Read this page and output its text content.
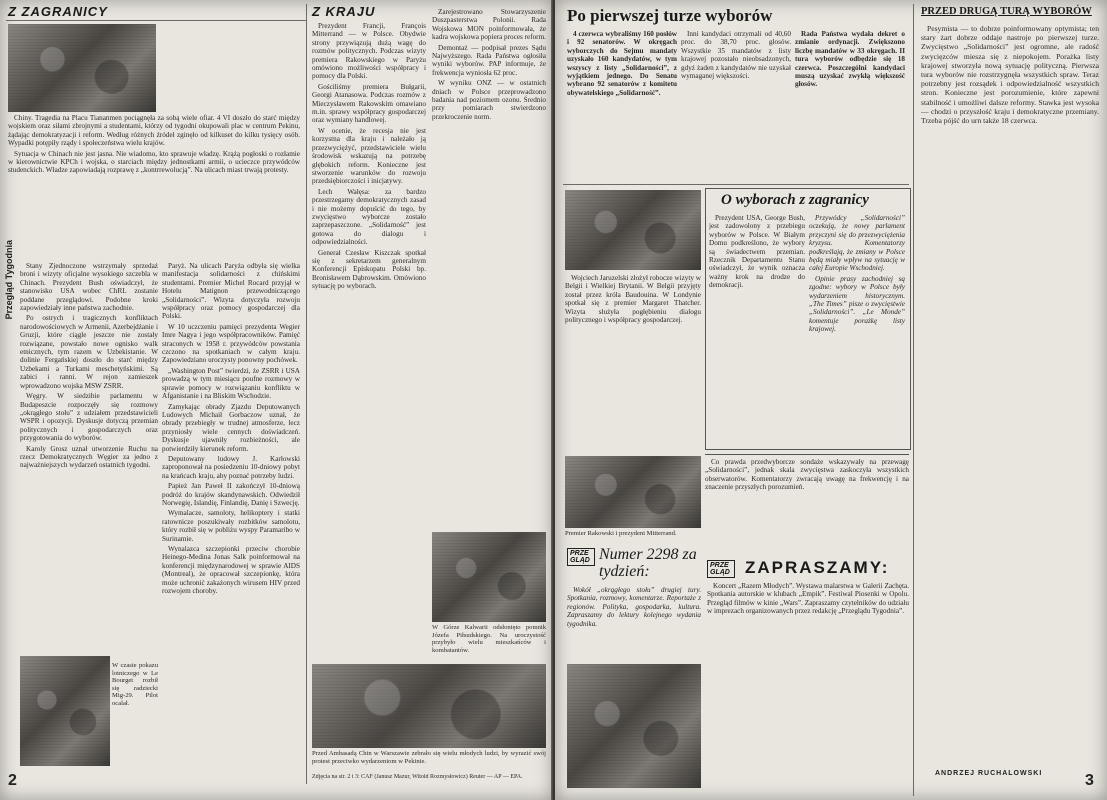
Z ZAGRANICY

Chiny. Tragedia na Placu Tiananmen pociągnęła za sobą wiele ofiar. 4 VI doszło do starć między wojskiem oraz siłami zbrojnymi a studentami, którzy od tygodni okupowali plac w centrum Pekinu, żądając demokratyzacji i reform. Według różnych źródeł zginęło od kilkuset do kilku tysięcy osób. Wypadki potępiły rządy i społeczeństwa wielu krajów.

Sytuacja w Chinach nie jest jasna. Nie wiadomo, kto sprawuje władzę. Krążą pogłoski o rozłamie w kierownictwie KPCh i wojska, o starciach między jednostkami armii, o ucieczce przywódców studenckich. Władze zapowiadają rozprawę z „kontrrewolucją”. Na ulicach miast trwają protesty.

Przegląd Tygodnia	Stany Zjednoczone wstrzymały sprzedaż broni i wizyty oficjalne wysokiego szczebla w Chinach. Prezydent Bush oświadczył, że stanowisko USA wobec ChRL zostanie poddane przeglądowi. Podobne kroki zapowiedziały inne państwa zachodnie.

Po ostrych i tragicznych konfliktach narodowościowych w Armenii, Azerbejdżanie i Gruzji, które ciągle jeszcze nie zostały rozwiązane, powstało nowe ognisko walk etnicznych, tym razem w Uzbekistanie. W dolinie Fergańskiej doszło do starć między Uzbekami a Turkami meschetyńskimi. Są zabici i ranni. W rejon zamieszek wprowadzono wojska MSW ZSRR.

Węgry. W siedzibie parlamentu w Budapeszcie rozpoczęły się rozmowy „okrągłego stołu” z udziałem przedstawicieli WSPR i opozycji. Dyskusje dotyczą przemian politycznych i gospodarczych oraz przygotowania do wyborów.

Karoly Grosz uznał utworzenie Ruchu na rzecz Demokratycznych Węgier za jedno z najważniejszych wydarzeń ostatnich tygodni.

Paryż. Na ulicach Paryża odbyła się wielka manifestacja solidarności z chińskimi studentami. Premier Michel Rocard przyjął w Hotelu Matignon przewodniczącego „Solidarności”. Wizyta dotyczyła rozwoju współpracy oraz pomocy gospodarczej dla Polski.

W 10 uczczeniu pamięci prezydenta Wegier Imre Nagya i jego współpracowników. Pamięć straconych w 1958 r. przywódców powstania czczono na spotkaniach w całym kraju. Zapowiedziano uroczysty ponowny pochówek.

„Washington Post” twierdzi, że ZSRR i USA prowadzą w tym miesiącu poufne rozmowy w sprawie pomocy w rozwiązaniu konfliktu w Afganistanie i na Bliskim Wschodzie.

Zamykając obrady Zjazdu Deputowanych Ludowych Michaił Gorbaczow uznał, że obrady przebiegły w trudnej atmosferze, lecz przyniosły wiele cennych doświadczeń. Dyskusje ujawniły rozbieżności, ale potwierdziły kierunek reform.

Deputowany ludowy J. Karłowski zaproponował na posiedzeniu 10-dniowy pobyt na krańcach kraju, aby poznać potrzeby ludzi.

Papież Jan Paweł II zakończył 10-dniową podróż do krajów skandynawskich. Odwiedził Norwegię, Islandię, Finlandię, Danię i Szwecję.

Wymalacze, samoloty, helikoptery i statki ratownicze poszukiwały rozbitków samolotu, który rozbił się w pobliżu wyspy Paramaribo w Surinamie.

Wynalazca szczepionki przeciw chorobie Heinego-Medina Jonas Salk poinformował na konferencji międzynarodowej w sprawie AIDS (Montreal), że opracował szczepionkę, która może uchronić zakażonych wirusem HIV przed rozwojem choroby.

W czasie pokazu lotniczego w Le Bourget rozbił się radziecki Mig-29. Pilot ocalał.
2
Z KRAJU

Prezydent Francji, François Mitterrand — w Polsce. Obydwie strony przywiązują dużą wagę do rozmów politycznych. Podczas wizyty premiera Rakowskiego w Paryżu omówiono możliwości współpracy i pomocy dla Polski.

Gościliśmy premiera Bułgarii, Georgi Atanasowa. Podczas rozmów z Mieczysławem Rakowskim omawiano m.in. sprawy współpracy gospodarczej oraz wymiany handlowej.

W ocenie, że recesja nie jest korzystna dla kraju i należało ją przezwyciężyć, przedstawiciele wielu środowisk wskazują na potrzebę głębokich reform. Konieczne jest stworzenie warunków do rozwoju przedsiębiorczości i inicjatywy.

Lech Wałęsa: za bardzo przestrzegamy demokratycznych zasad i nie możemy dopuścić do tego, by zwycięstwo wyborcze zostało zaprzepaszczone. „Solidarność” jest gotowa do dialogu i odpowiedzialności.

Generał Czesław Kiszczak spotkał się z sekretarzem generalnym Konferencji Episkopatu Polski bp. Bronisławem Dąbrowskim. Omówiono sytuację po wyborach.

Zarejestrowano Stowarzyszenie Duszpasterstwa Polonii. Rada Wojskowa MON poinformowała, że kadra wojskowa popiera proces reform.

Demontaż — podpisał prezes Sądu Najwyższego. Rada Państwa ogłosiła wyniki wyborów. PAP informuje, że frekwencja wyniosła 62 proc.

W wyniku ONZ — w ostatnich dniach w Polsce przeprowadzono badania nad poziomem ozonu. Średnio przy pomiarach stwierdzono przekroczenie norm.

W Górze Kalwarii odsłonięto pomnik Józefa Piłsudskiego. Na uroczystość przybyło wielu mieszkańców i kombatantów.
Przed Ambasadą Chin w Warszawie zebrało się wielu młodych ludzi, by wyrazić swój protest przeciwko wydarzeniom w Pekinie.
Zdjęcia na str. 2 i 3: CAF (Janusz Mazur, Witold Rozmysłowicz) Reuter — AP — EPA.
Po pierwszej turze wyborów

4 czerwca wybraliśmy 160 posłów i 92 senatorów. W okręgach wyborczych do Sejmu mandaty uzyskało 160 kandydatów, w tym wszyscy z listy „Solidarności”, z wyjątkiem jednego. Do Senatu wybrano 92 senatorów z komitetu obywatelskiego „Solidarność”.

Inni kandydaci otrzymali od 40,60 proc. do 38,70 proc. głosów. Wszystkie 35 mandatów z listy krajowej pozostało nieobsadzonych, gdyż żaden z kandydatów nie uzyskał wymaganej większości.

Rada Państwa wydała dekret o zmianie ordynacji. Zwiększono liczbę mandatów w 33 okręgach. II tura wyborów odbędzie się 18 czerwca. Poszczególni kandydaci muszą uzyskać zwykłą większość głosów.

Wojciech Jaruzelski złożył robocze wizyty w Belgii i Wielkiej Brytanii. W Belgii przyjęty został przez króla Baudouina. W Londynie spotkał się z premier Margaret Thatcher. Wizyta służyła pogłębieniu dialogu politycznego i współpracy gospodarczej.

O wyborach z zagranicy

Prezydent USA, George Bush, jest zadowolony z przebiegu wyborów w Polsce. W Białym Domu podkreślono, że wybory są świadectwem przemian. Rzecznik Departamentu Stanu oświadczył, że wynik oznacza ważny krok na drodze do demokracji.

Przywódcy „Solidarności” oczekują, że nowy parlament przyczyni się do przezwyciężenia kryzysu. Komentatorzy podkreślają, że zmiany w Polsce będą miały wpływ na sytuację w całej Europie Wschodniej.

Opinie prasy zachodniej są zgodne: wybory w Polsce były wydarzeniem historycznym. „The Times” pisze o zwycięstwie „Solidarności”. „Le Monde” komentuje porażkę listy krajowej.

Premier Rakowski i prezydent Mitterrand.

Co prawda przedwyborcze sondaże wskazywały na przewagę „Solidarności”, jednak skala zwycięstwa zaskoczyła wszystkich obserwatorów. Komentatorzy zwracają uwagę na frekwencję i na znaczenie przyszłych porozumień.

PRZE
GLĄD Numer 2298 za tydzień:

Wokół „okrągłego stołu” drugiej tury. Spotkania, rozmowy, komentarze. Reportaże z regionów. Polityka, gospodarka, kultura. Zapraszamy do lektury kolejnego wydania tygodnika.

PRZE
GLĄD ZAPRASZAMY:

Koncert „Razem Młodych”. Wystawa malarstwa w Galerii Zachęta. Spotkania autorskie w klubach „Empik”. Festiwal Piosenki w Opolu. Przegląd filmów w kinie „Wars”. Zapraszamy czytelników do udziału w imprezach organizowanych przez redakcję „Przeglądu Tygodnia”.

PRZED DRUGĄ TURĄ WYBORÓW

Pesymista — to dobrze poinformowany optymista; ten stary żart dobrze oddaje nastroje po pierwszej turze. Zwycięstwo „Solidarności” jest ogromne, ale radość zwycięzców miesza się z niepokojem. Porażka listy krajowej stworzyła nową sytuację polityczną. Pierwsza tura wyborów nie rozstrzygnęła wszystkich spraw. Teraz potrzebny jest rozsądek i odpowiedzialność wszystkich stron. Konieczne jest porozumienie, które zapewni stabilność i umożliwi dalsze reformy. Stawka jest wysoka — chodzi o przyszłość kraju i demokratyczne przemiany. Trzeba pójść do urn także 18 czerwca.

ANDRZEJ RUCHALOWSKI	3
